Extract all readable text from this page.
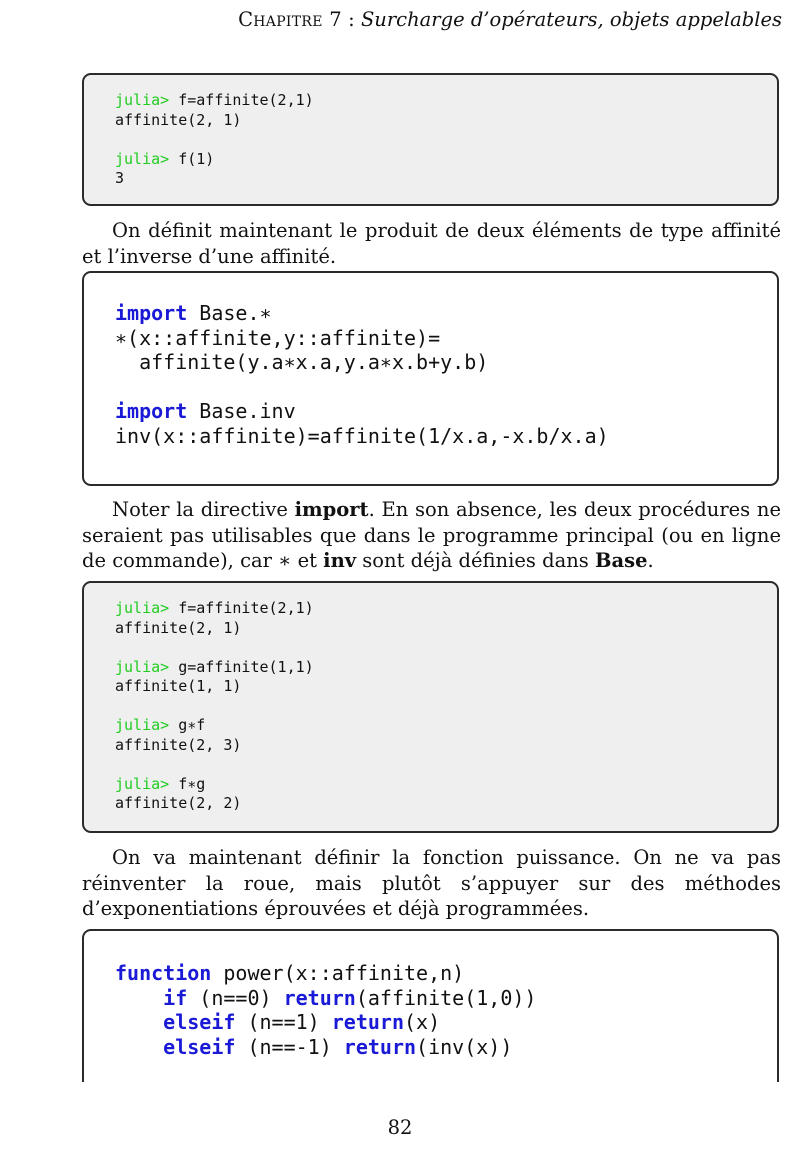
Chapitre 7 : Surcharge d’opérateurs, objets appelables
julia> f=affinite(2,1)
affinite(2, 1)
julia> f(1)
3

On définit maintenant le produit de deux éléments de type affinité et l’inverse d’une affinité.

import Base.∗
∗(x::affinite,y::affinite)=
affinite(y.a∗x.a,y.a∗x.b+y.b)
import Base.inv
inv(x::affinite)=affinite(1/x.a,-x.b/x.a)

Noter la directive import. En son absence, les deux procédures ne seraient pas utilisables que dans le programme principal (ou en ligne de commande), car ∗ et inv sont déjà définies dans Base.

julia> f=affinite(2,1)
affinite(2, 1)
julia> g=affinite(1,1)
affinite(1, 1)
julia> g∗f
affinite(2, 3)
julia> f∗g
affinite(2, 2)

On va maintenant définir la fonction puissance. On ne va pas réinventer la roue, mais plutôt s’appuyer sur des méthodes d’exponentiations éprouvées et déjà programmées.

function power(x::affinite,n)
if (n==0) return(affinite(1,0))
elseif (n==1) return(x)
elseif (n==-1) return(inv(x))
82
